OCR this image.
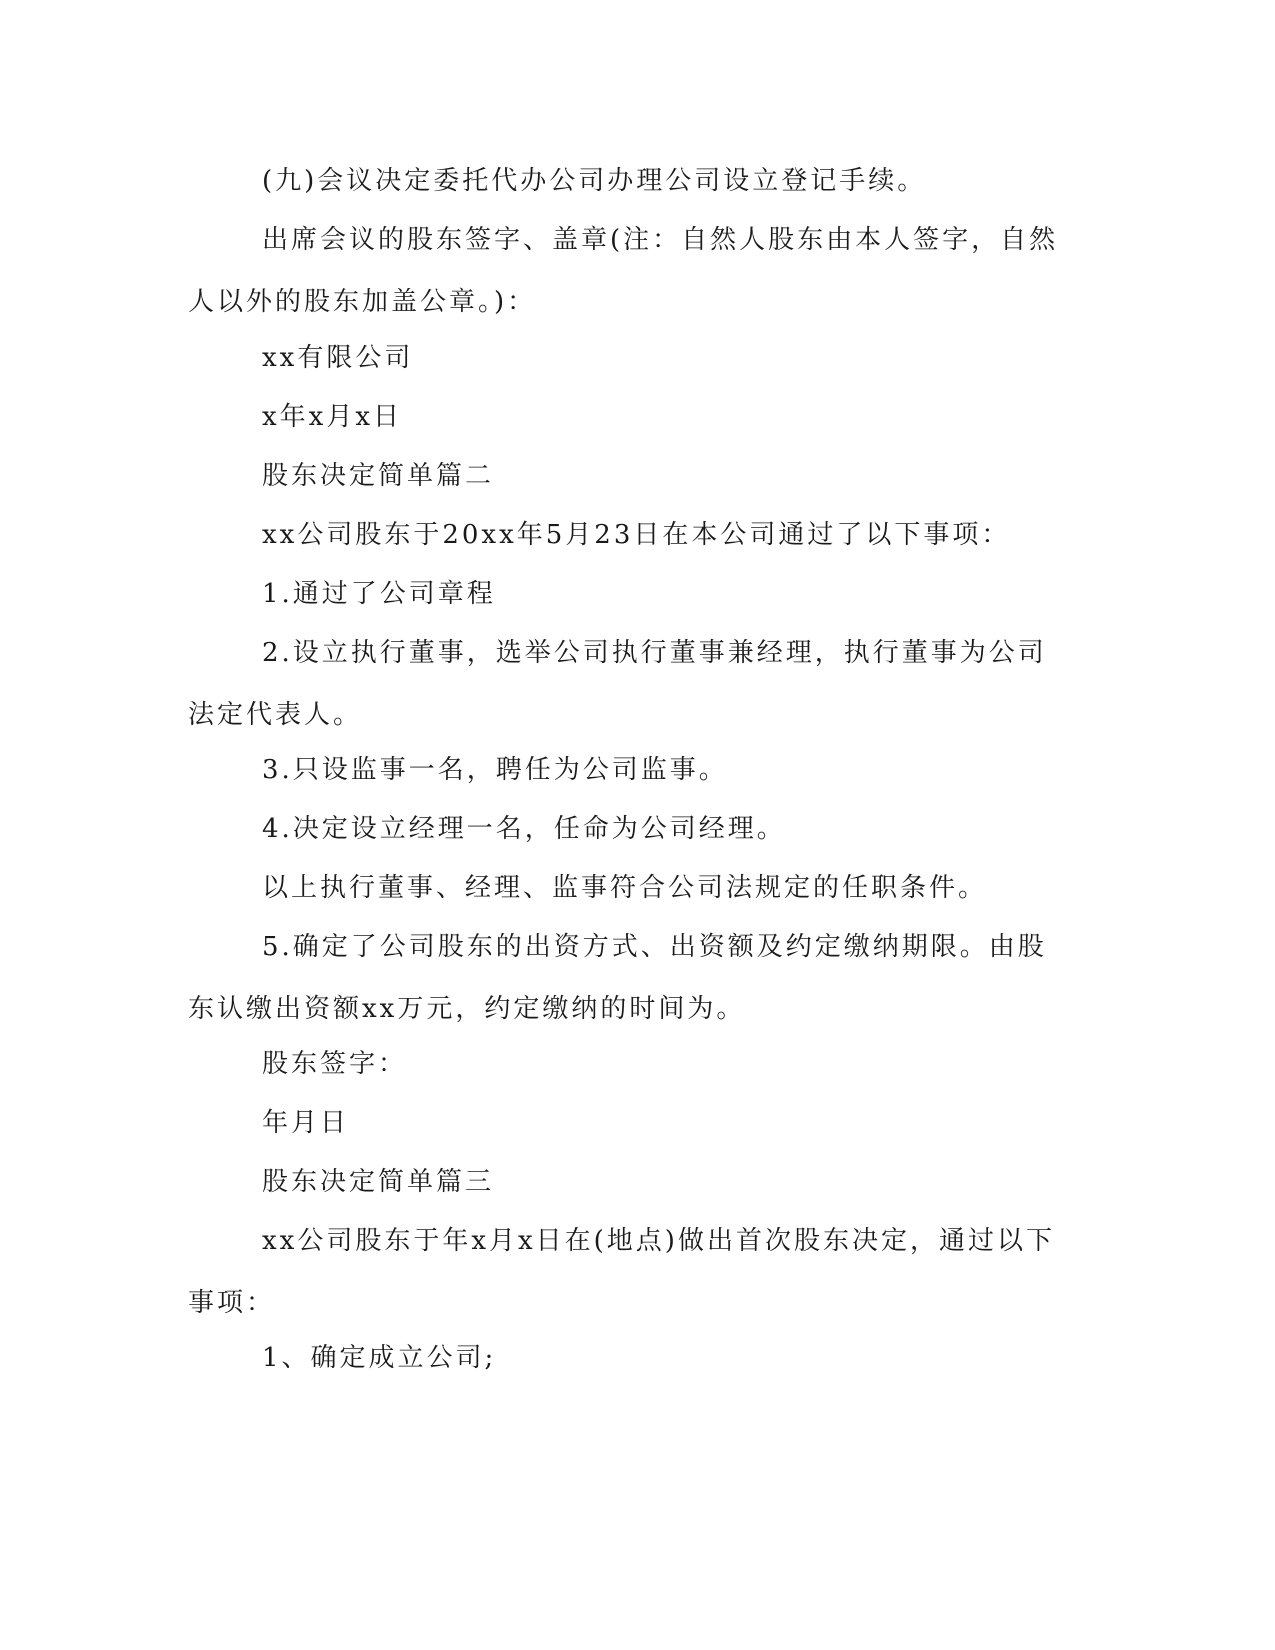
(九)会议决定委托代办公司办理公司设立登记手续。

出席会议的股东签字、盖章(注：自然人股东由本人签字，自然人以外的股东加盖公章。)：

xx有限公司

x年x月x日

股东决定简单篇二

xx公司股东于20xx年5月23日在本公司通过了以下事项：

1.通过了公司章程

2.设立执行董事，选举公司执行董事兼经理，执行董事为公司法定代表人。

3.只设监事一名，聘任为公司监事。

4.决定设立经理一名，任命为公司经理。

以上执行董事、经理、监事符合公司法规定的任职条件。

5.确定了公司股东的出资方式、出资额及约定缴纳期限。由股东认缴出资额xx万元，约定缴纳的时间为。

股东签字：

年月日

股东决定简单篇三

xx公司股东于年x月x日在(地点)做出首次股东决定，通过以下事项：

1、确定成立公司;
